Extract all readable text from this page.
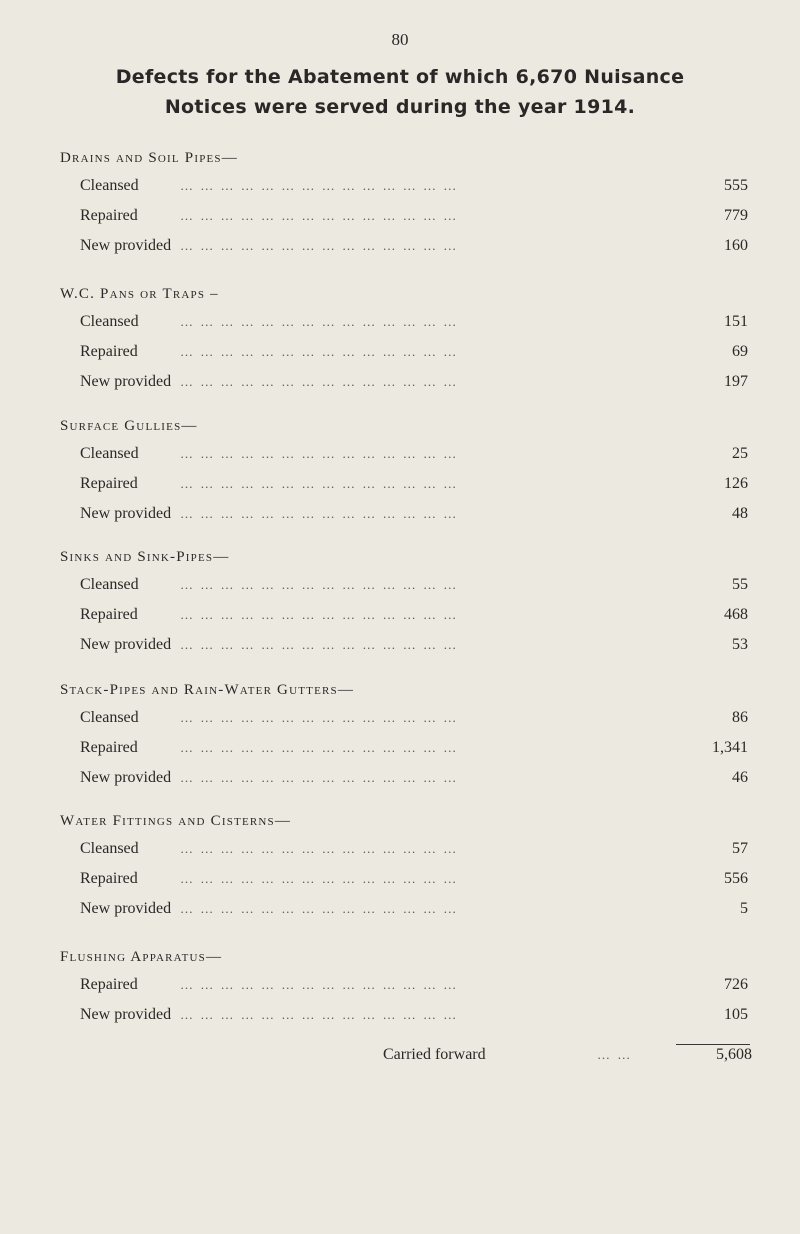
80
Defects for the Abatement of which 6,670 Nuisance
Notices were served during the year 1914.
Drains and Soil Pipes—
… … … … … … … … … … … … … …
Cleansed	555
… … … … … … … … … … … … … …
Repaired	779
… … … … … … … … … … … … … …
New provided	160
W.C. Pans or Traps –
… … … … … … … … … … … … … …
Cleansed	151
… … … … … … … … … … … … … …
Repaired	69
… … … … … … … … … … … … … …
New provided	197
Surface Gullies—
… … … … … … … … … … … … … …
Cleansed	25
… … … … … … … … … … … … … …
Repaired	126
… … … … … … … … … … … … … …
New provided	48
Sinks and Sink-Pipes—
… … … … … … … … … … … … … …
Cleansed	55
… … … … … … … … … … … … … …
Repaired	468
… … … … … … … … … … … … … …
New provided	53
Stack-Pipes and Rain-Water Gutters—
… … … … … … … … … … … … … …
Cleansed	86
… … … … … … … … … … … … … …
Repaired	1,341
… … … … … … … … … … … … … …
New provided	46
Water Fittings and Cisterns—
… … … … … … … … … … … … … …
Cleansed	57
… … … … … … … … … … … … … …
Repaired	556
… … … … … … … … … … … … … …
New provided	5
Flushing Apparatus—
… … … … … … … … … … … … … …
Repaired	726
… … … … … … … … … … … … … …
New provided	105
Carried forward	… …	5,608
